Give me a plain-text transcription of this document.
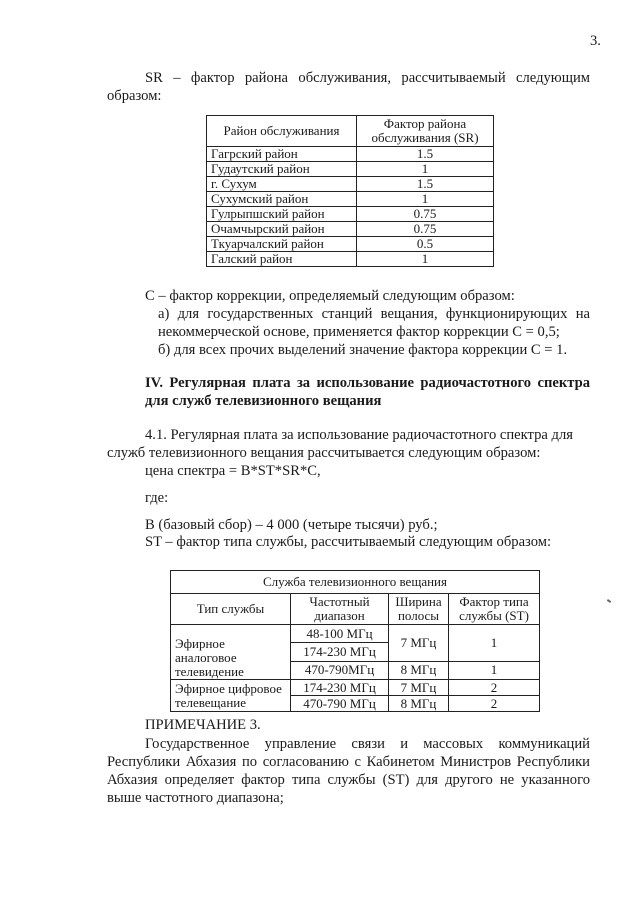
3.
SR – фактор района обслуживания, рассчитываемый следующим
образом:
Район обслуживания	Фактор района обслуживания (SR)
Гагрский район	1.5
Гудаутский район	1
г. Сухум	1.5
Сухумский район	1
Гулрыпшский район	0.75
Очамчырский район	0.75
Ткуарчалский район	0.5
Галский район	1
С – фактор коррекции, определяемый следующим образом:
а) для государственных станций вещания, функционирующих на
некоммерческой основе, применяется фактор коррекции С = 0,5;
б) для всех прочих выделений значение фактора коррекции С = 1.
IV. Регулярная плата за использование радиочастотного спектра
для служб телевизионного вещания
4.1. Регулярная плата за использование радиочастотного спектра для
служб телевизионного вещания рассчитывается следующим образом:
цена спектра = B*ST*SR*C,
где:
В (базовый сбор) – 4 000 (четыре тысячи) руб.;
ST – фактор типа службы, рассчитываемый следующим образом:
Служба телевизионного вещания			
Тип службы	Частотный диапазон	Ширина полосы	Фактор типа службы (ST)
Эфирное аналоговое телевидение	48-100 МГц	7 МГц	1
	174-230 МГц		
	470-790МГц	8 МГц	1
Эфирное цифровое телевещание	174-230 МГц	7 МГц	2
	470-790 МГц	8 МГц	2
ПРИМЕЧАНИЕ 3.
Государственное управление связи и массовых коммуникаций
Республики Абхазия по согласованию с Кабинетом Министров Республики
Абхазия определяет фактор типа службы (ST) для другого не указанного
выше частотного диапазона;
